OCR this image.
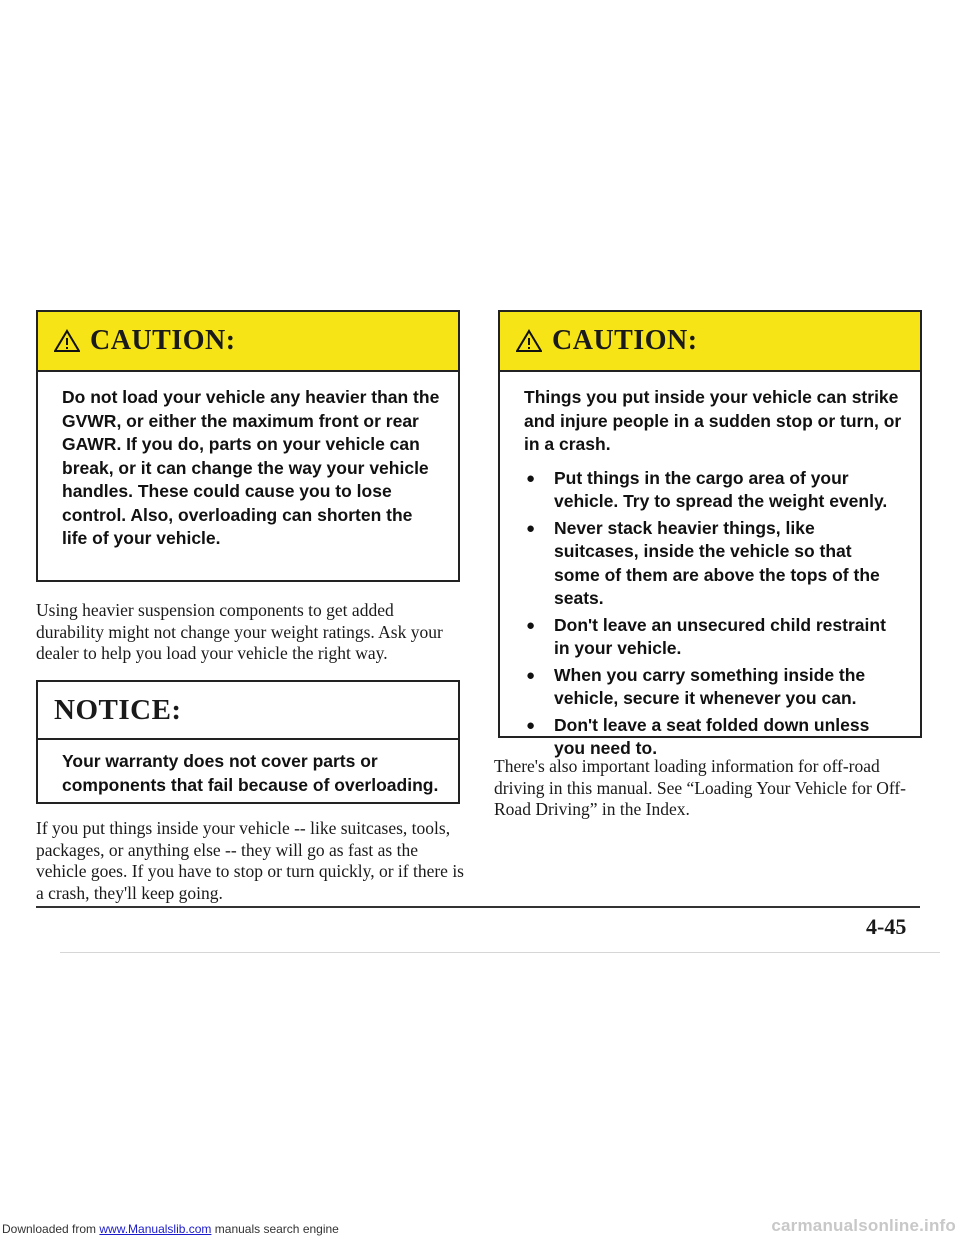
CAUTION:
Do not load your vehicle any heavier than the GVWR, or either the maximum front or rear GAWR. If you do, parts on your vehicle can break, or it can change the way your vehicle handles. These could cause you to lose control. Also, overloading can shorten the life of your vehicle.
Using heavier suspension components to get added durability might not change your weight ratings. Ask your dealer to help you load your vehicle the right way.
NOTICE:
Your warranty does not cover parts or components that fail because of overloading.
If you put things inside your vehicle -- like suitcases, tools, packages, or anything else -- they will go as fast as the vehicle goes. If you have to stop or turn quickly, or if there is a crash, they'll keep going.
CAUTION:
Things you put inside your vehicle can strike and injure people in a sudden stop or turn, or in a crash.
● Put things in the cargo area of your vehicle. Try to spread the weight evenly.
● Never stack heavier things, like suitcases, inside the vehicle so that some of them are above the tops of the seats.
● Don't leave an unsecured child restraint in your vehicle.
● When you carry something inside the vehicle, secure it whenever you can.
● Don't leave a seat folded down unless you need to.
There's also important loading information for off-road driving in this manual. See “Loading Your Vehicle for Off-Road Driving” in the Index.
4-45
Downloaded from www.Manualslib.com manuals search engine	carmanualsonline.info
